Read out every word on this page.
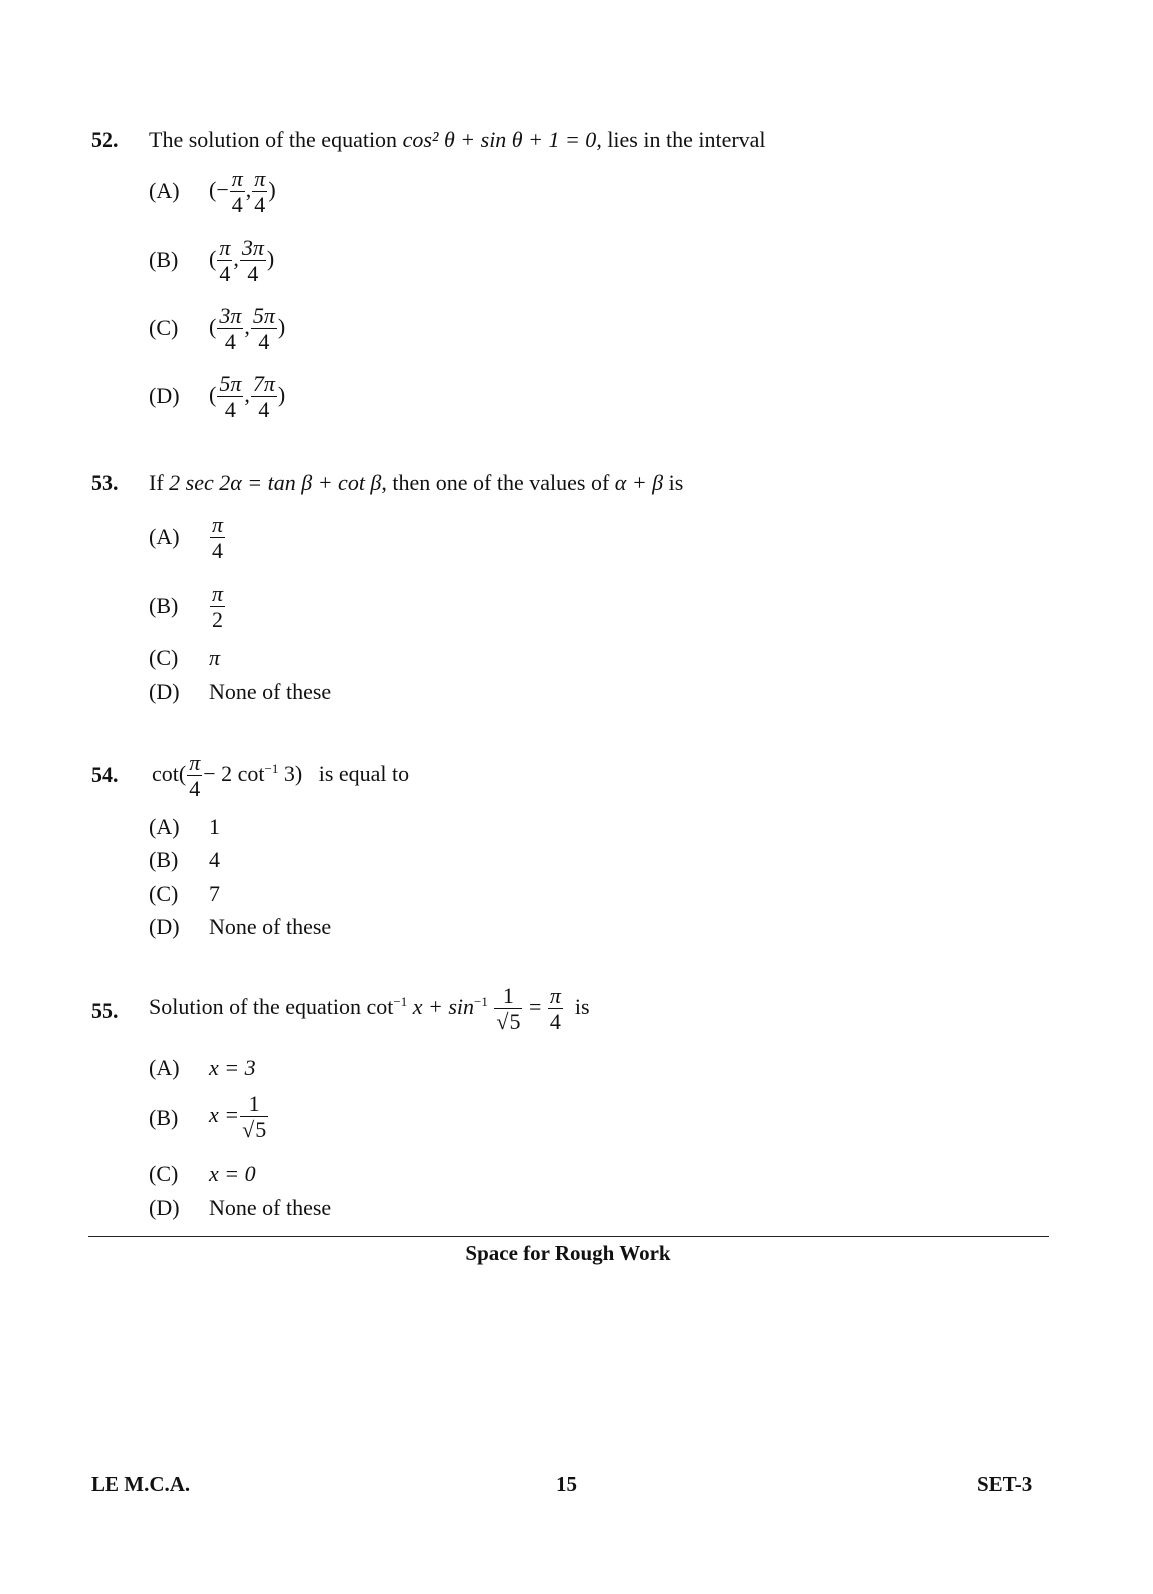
52. The solution of the equation cos² θ + sin θ + 1 = 0, lies in the interval
(A) (− $\frac{\pi}{4}$ , $\frac{\pi}{4}$ )
(B) ( $\frac{\pi}{4}$ , $\frac{3\pi}{4}$ )
(C) ( $\frac{3\pi}{4}$ , $\frac{5\pi}{4}$ )
(D) ( $\frac{5\pi}{4}$ , $\frac{7\pi}{4}$ )
53. If 2 sec 2α = tan β + cot β, then one of the values of α + β is
$(A) \frac{\pi}{4}$
$(B) \frac{\pi}{2}$
(C) π
(D) None of these
54. $\cot( \frac{\pi}{4} - 2$ $\cot^{-1} 3$) is equal to
(A) 1
(B) 4
(C) 7
(D) None of these
55. Solution of the equation $\cot^{-1} x + \sin^{-1} \frac{1}{√5} = \frac{\pi}{4}$ is
(A) x = 3
(B) $x = \frac{1}{√5}$
(C) x = 0
(D) None of these
Space for Rough Work
LE M.C.A.	15	SET-3
